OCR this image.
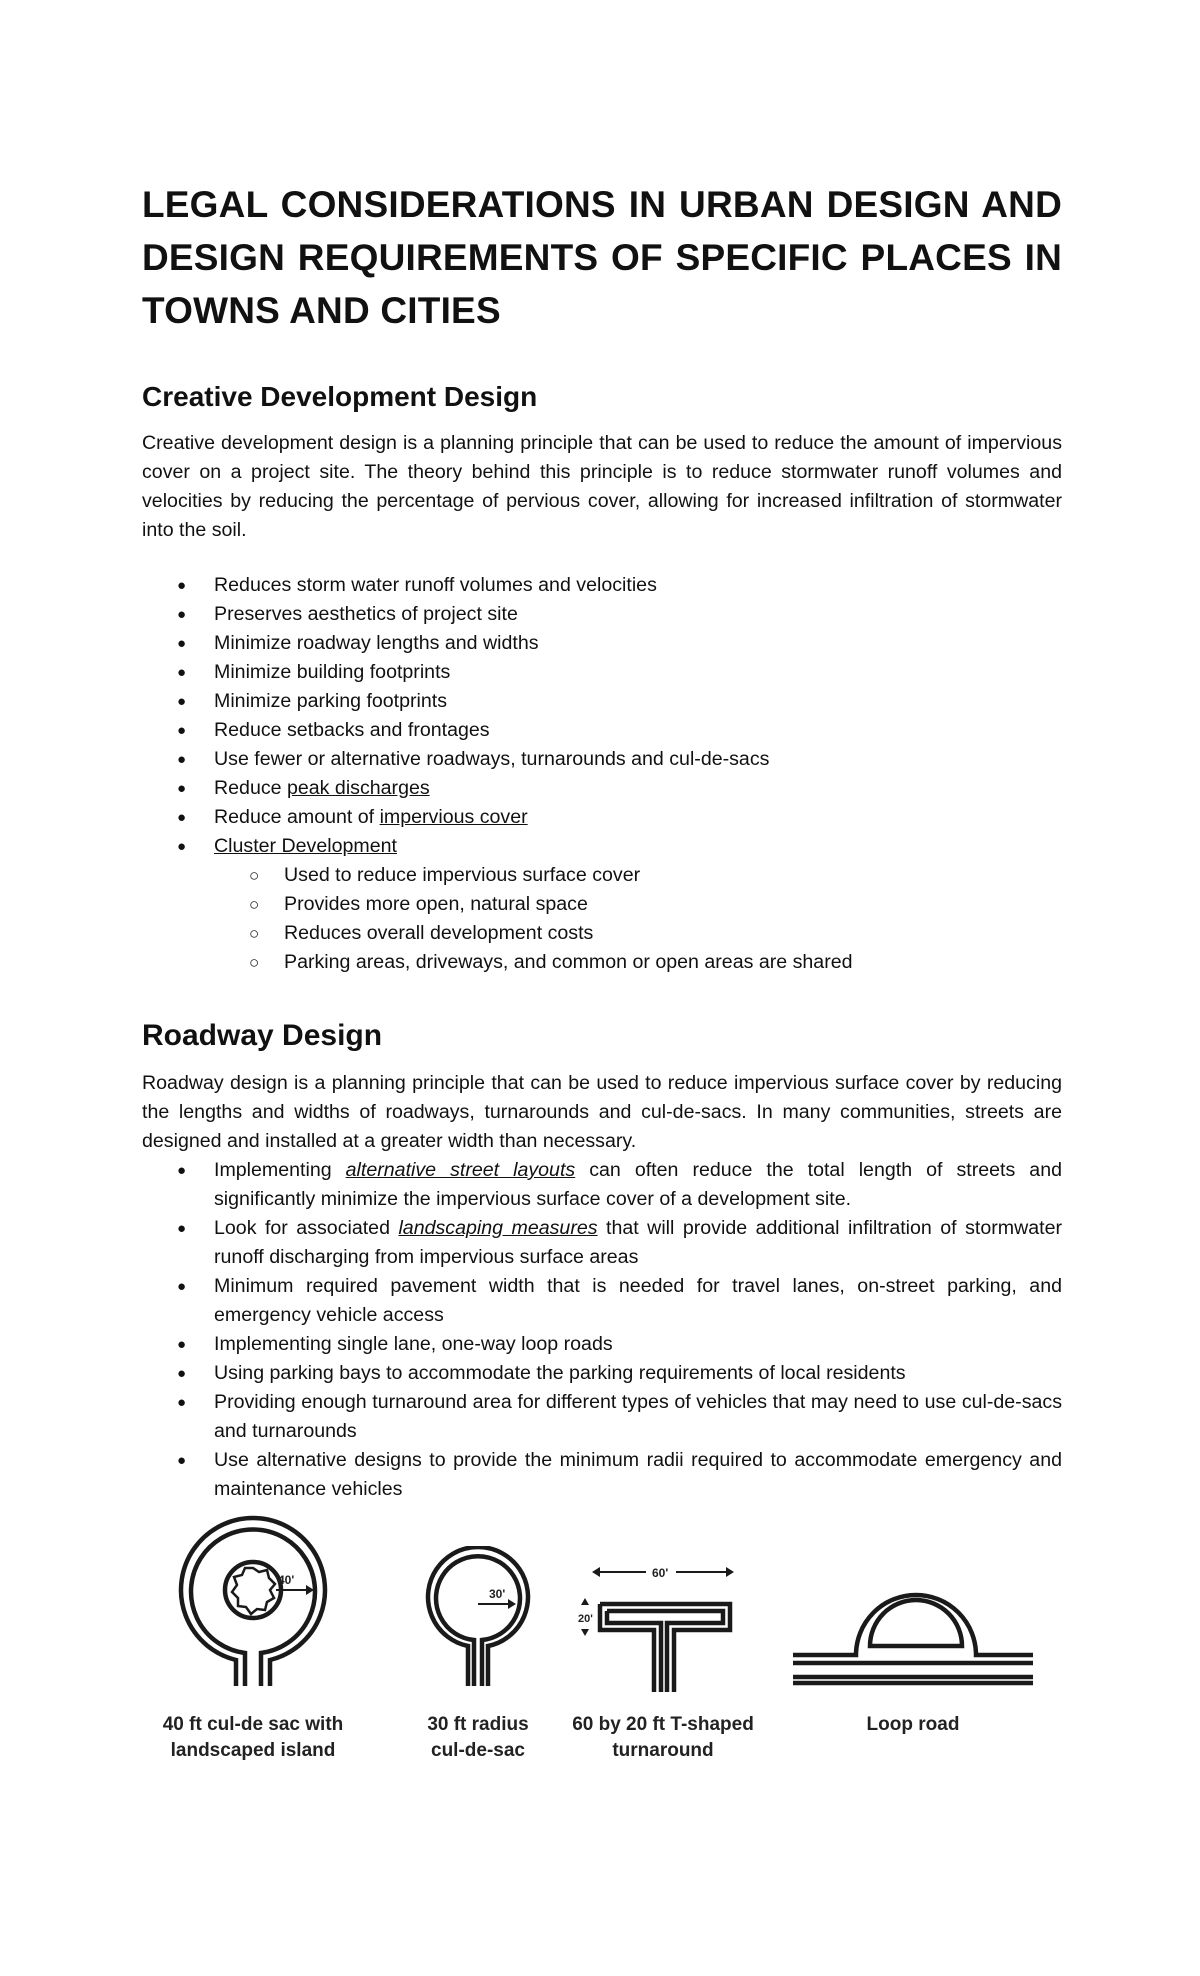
LEGAL CONSIDERATIONS IN URBAN DESIGN AND DESIGN REQUIREMENTS OF SPECIFIC PLACES IN TOWNS AND CITIES
Creative Development Design

Creative development design is a planning principle that can be used to reduce the amount of impervious cover on a project site. The theory behind this principle is to reduce stormwater runoff volumes and velocities by reducing the percentage of pervious cover, allowing for increased infiltration of stormwater into the soil.

● Reduces storm water runoff volumes and velocities
● Preserves aesthetics of project site
● Minimize roadway lengths and widths
● Minimize building footprints
● Minimize parking footprints
● Reduce setbacks and frontages
● Use fewer or alternative roadways, turnarounds and cul-de-sacs
● Reduce peak discharges
● Reduce amount of impervious cover
● Cluster Development
○ Used to reduce impervious surface cover
○ Provides more open, natural space
○ Reduces overall development costs
○ Parking areas, driveways, and common or open areas are shared
Roadway Design

Roadway design is a planning principle that can be used to reduce impervious surface cover by reducing the lengths and widths of roadways, turnarounds and cul-de-sacs. In many communities, streets are designed and installed at a greater width than necessary.

● Implementing alternative street layouts can often reduce the total length of streets and significantly minimize the impervious surface cover of a development site.
● Look for associated landscaping measures that will provide additional infiltration of stormwater runoff discharging from impervious surface areas
● Minimum required pavement width that is needed for travel lanes, on-street parking, and emergency vehicle access
● Implementing single lane, one-way loop roads
● Using parking bays to accommodate the parking requirements of local residents
● Providing enough turnaround area for different types of vehicles that may need to use cul-de-sacs and turnarounds
● Use alternative designs to provide the minimum radii required to accommodate emergency and maintenance vehicles
40'
40 ft cul-de sac with
landscaped island
30'
30 ft radius
cul-de-sac
60'
20'
60 by 20 ft T-shaped
turnaround
Loop road
